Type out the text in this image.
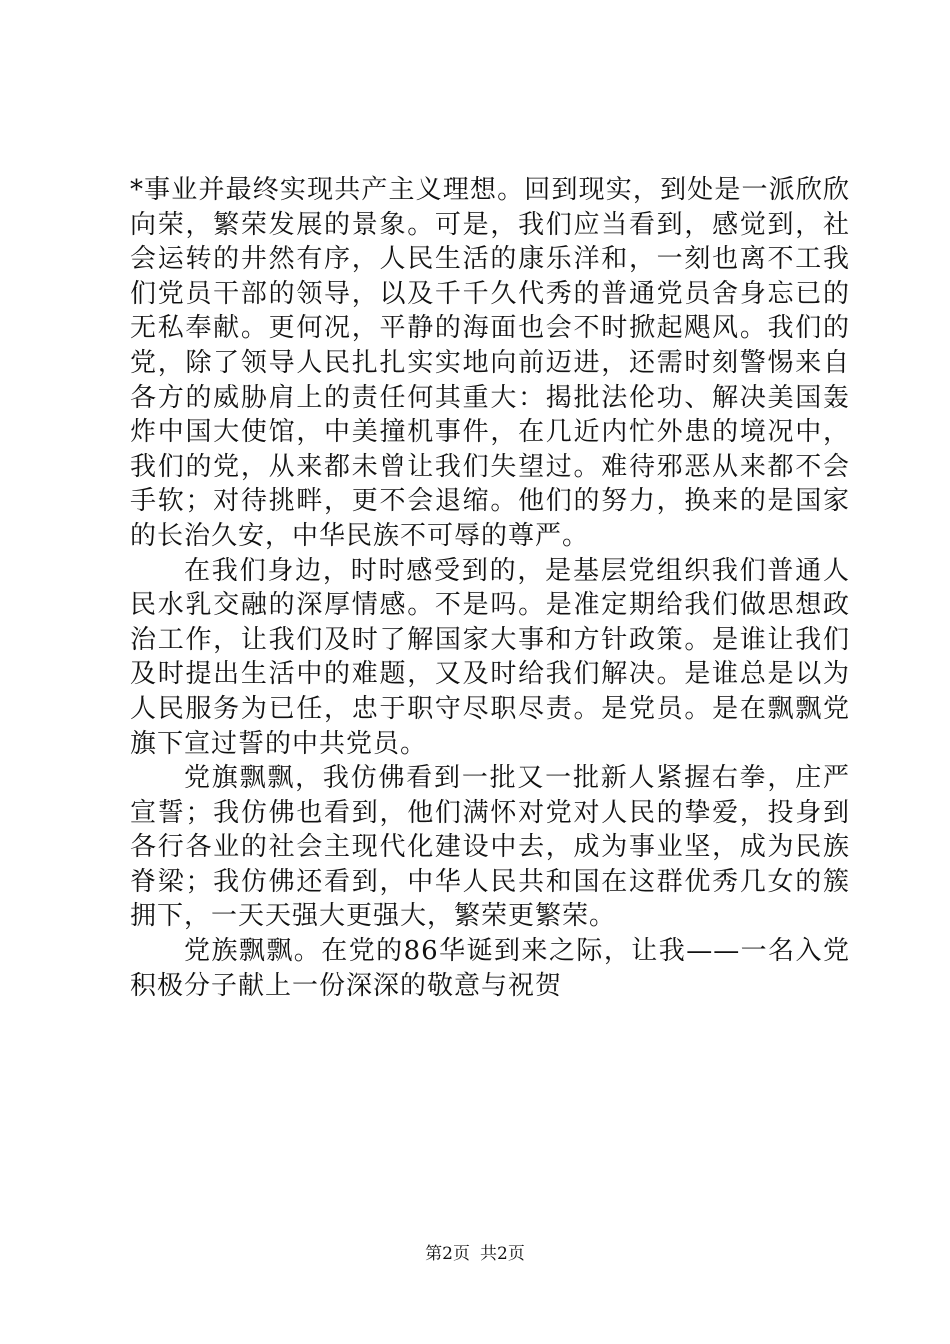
*事业并最终实现共产主义理想。回到现实，到处是一派欣欣向荣，繁荣发展的景象。可是，我们应当看到，感觉到，社会运转的井然有序，人民生活的康乐洋和，一刻也离不工我们党员干部的领导，以及千千久代秀的普通党员舍身忘已的无私奉献。更何况，平静的海面也会不时掀起飓风。我们的党，除了领导人民扎扎实实地向前迈进，还需时刻警惕来自各方的威胁肩上的责任何其重大：揭批法伦功、解决美国轰炸中国大使馆，中美撞机事件，在几近内忙外患的境况中，我们的党，从来都未曾让我们失望过。难待邪恶从来都不会手软；对待挑畔，更不会退缩。他们的努力，换来的是国家的长治久安，中华民族不可辱的尊严。

在我们身边，时时感受到的，是基层党组织我们普通人民水乳交融的深厚情感。不是吗。是准定期给我们做思想政治工作，让我们及时了解国家大事和方针政策。是谁让我们及时提出生活中的难题，又及时给我们解决。是谁总是以为人民服务为已任，忠于职守尽职尽责。是党员。是在飘飘党旗下宣过誓的中共党员。

党旗飘飘，我仿佛看到一批又一批新人紧握右拳，庄严宣誓；我仿佛也看到，他们满怀对党对人民的挚爱，投身到各行各业的社会主现代化建设中去，成为事业坚，成为民族脊梁；我仿佛还看到，中华人民共和国在这群优秀几女的簇拥下，一天天强大更强大，繁荣更繁荣。

党族飘飘。在党的86华诞到来之际，让我——一名入党积极分子献上一份深深的敬意与祝贺

第2页 共2页
